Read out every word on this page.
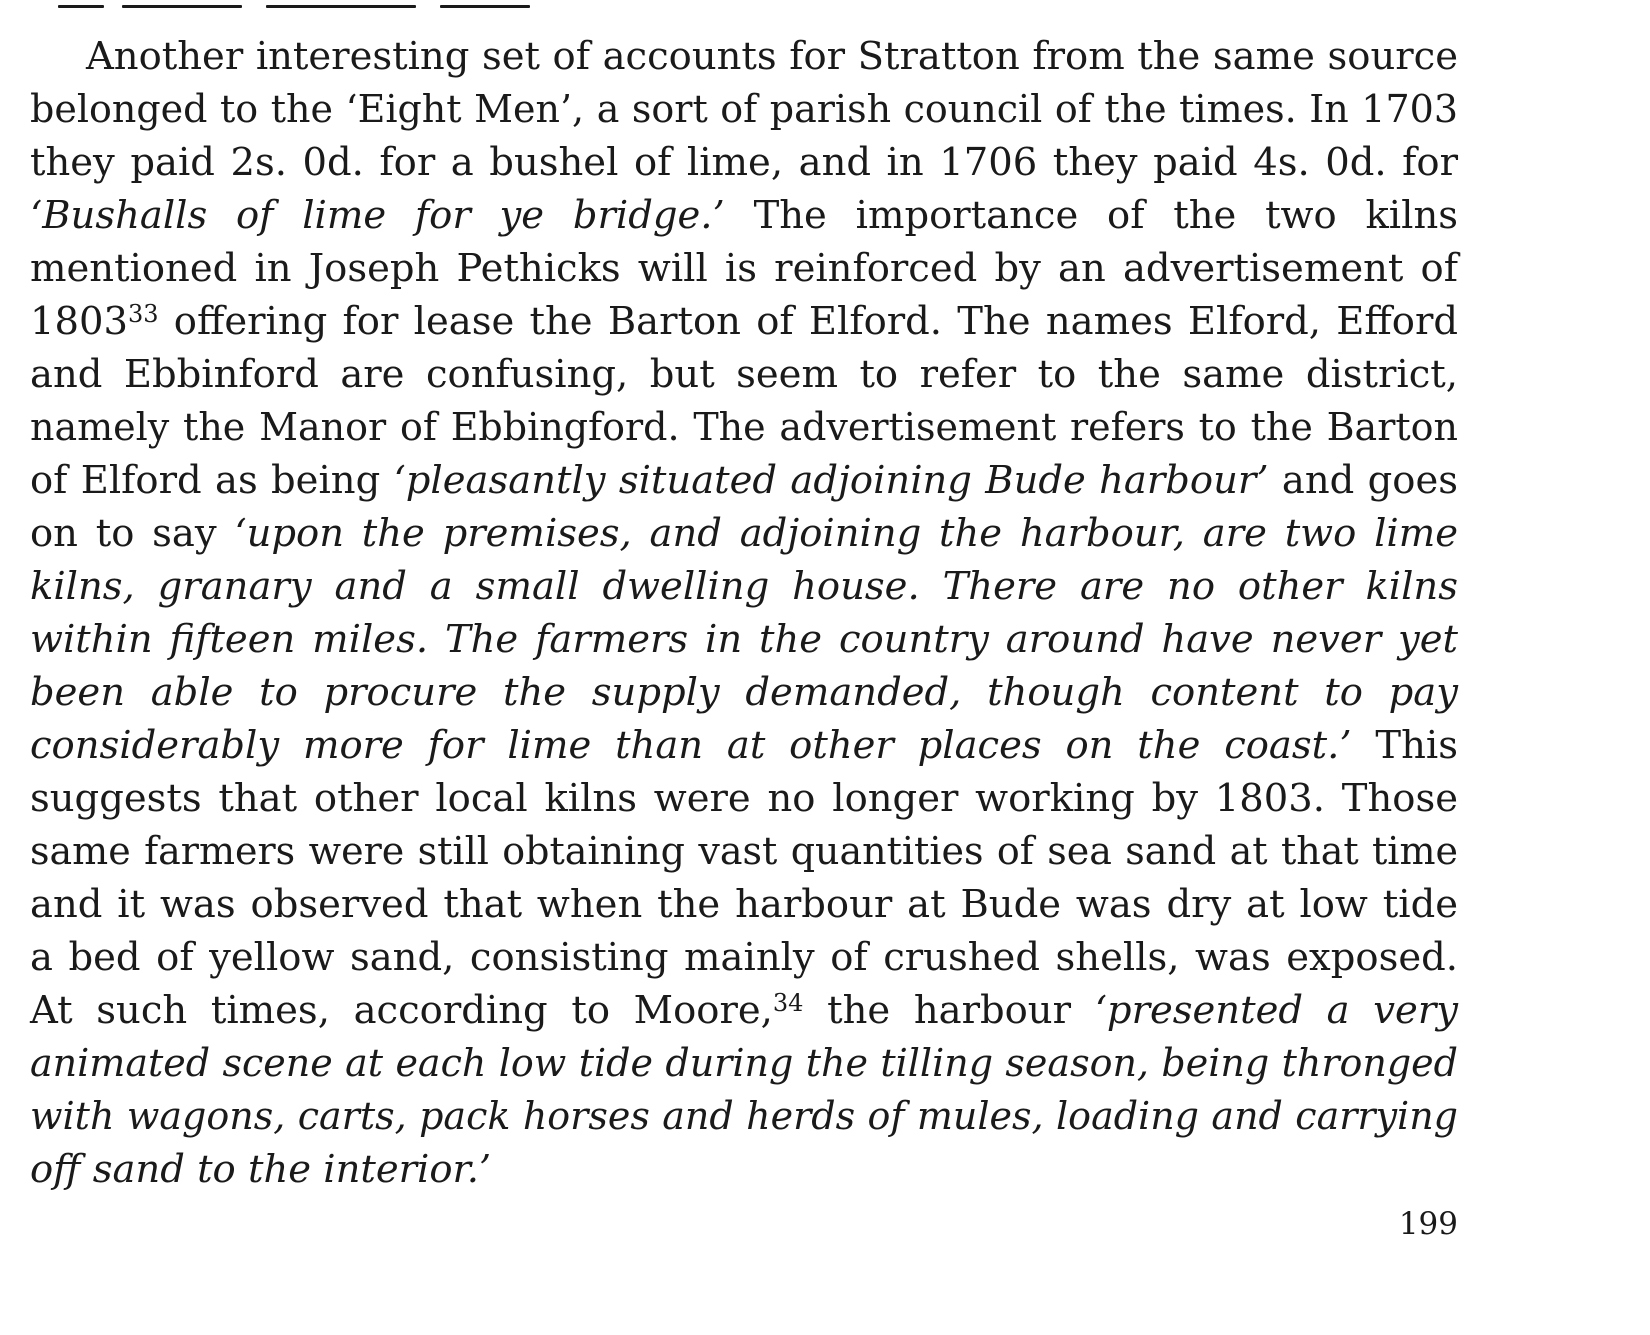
Another interesting set of accounts for Stratton from the same source
belonged to the ‘Eight Men’, a sort of parish council of the times. In 1703
they paid 2s. 0d. for a bushel of lime, and in 1706 they paid 4s. 0d. for
‘Bushalls of lime for ye bridge.’ The importance of the two kilns
mentioned in Joseph Pethicks will is reinforced by an advertisement of
1803$^{33}$ offering for lease the Barton of Elford. The names Elford, Efford
and Ebbinford are confusing, but seem to refer to the same district,
namely the Manor of Ebbingford. The advertisement refers to the Barton
of Elford as being ‘pleasantly situated adjoining Bude harbour’ and goes
on to say ‘upon the premises, and adjoining the harbour, are two lime
kilns, granary and a small dwelling house. There are no other kilns
within fifteen miles. The farmers in the country around have never yet
been able to procure the supply demanded, though content to pay
considerably more for lime than at other places on the coast.’ This
suggests that other local kilns were no longer working by 1803. Those
same farmers were still obtaining vast quantities of sea sand at that time
and it was observed that when the harbour at Bude was dry at low tide
a bed of yellow sand, consisting mainly of crushed shells, was exposed.
At such times, according to Moore,$^{34}$ the harbour ‘presented a very
animated scene at each low tide during the tilling season, being thronged
with wagons, carts, pack horses and herds of mules, loading and carrying
off sand to the interior.’
199
